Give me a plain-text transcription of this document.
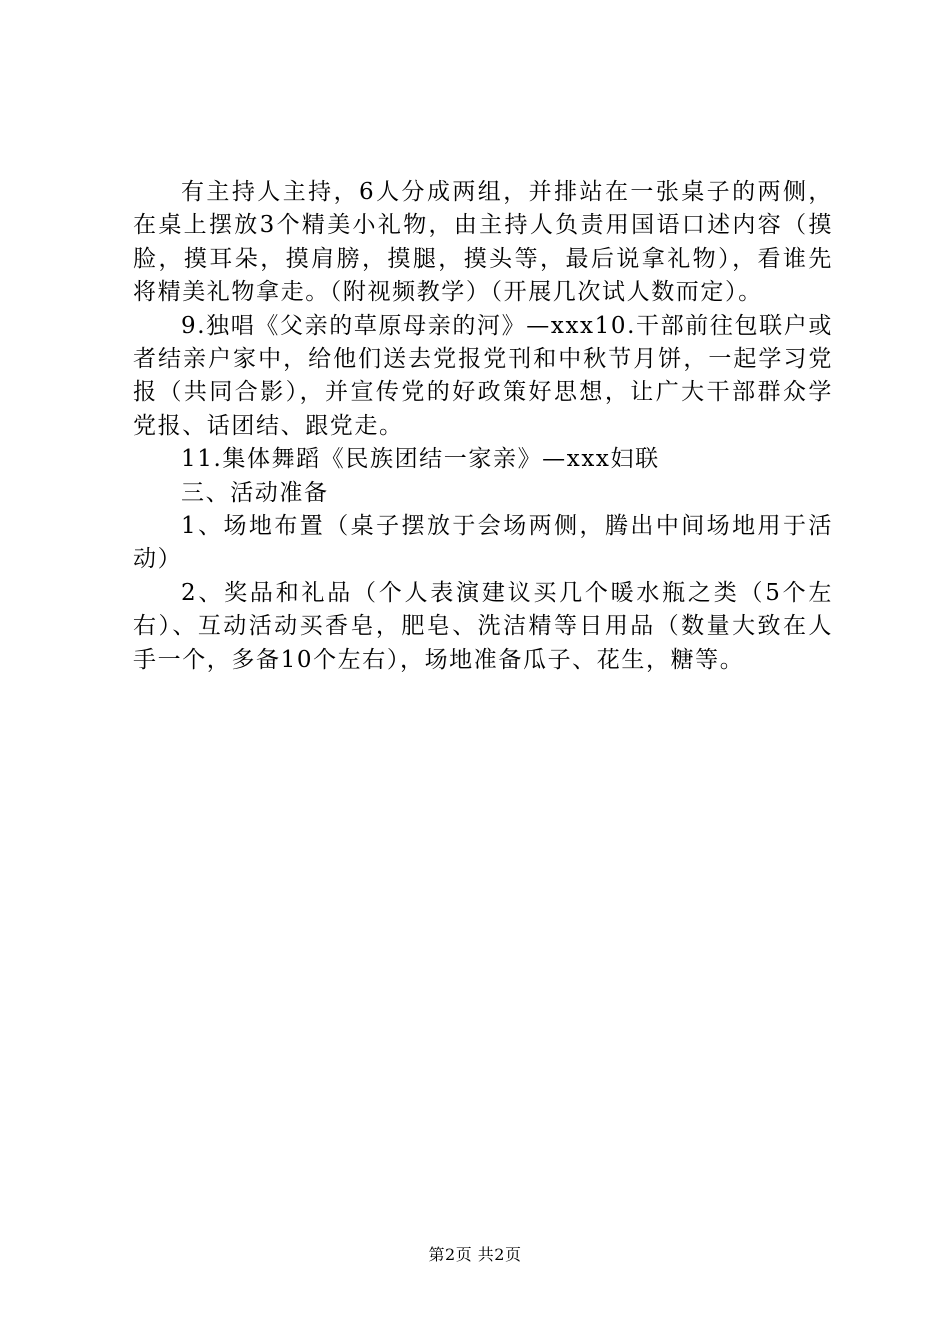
有主持人主持，6人分成两组，并排站在一张桌子的两侧，在桌上摆放3个精美小礼物，由主持人负责用国语口述内容（摸脸，摸耳朵，摸肩膀，摸腿，摸头等，最后说拿礼物），看谁先将精美礼物拿走。（附视频教学）（开展几次试人数而定）。

9.独唱《父亲的草原母亲的河》—xxx10.干部前往包联户或者结亲户家中，给他们送去党报党刊和中秋节月饼，一起学习党报（共同合影），并宣传党的好政策好思想，让广大干部群众学党报、话团结、跟党走。

11.集体舞蹈《民族团结一家亲》—xxx妇联

三、活动准备

1、场地布置（桌子摆放于会场两侧，腾出中间场地用于活动）

2、奖品和礼品（个人表演建议买几个暖水瓶之类（5个左右）、互动活动买香皂，肥皂、洗洁精等日用品（数量大致在人手一个，多备10个左右），场地准备瓜子、花生，糖等。

第2页 共2页
